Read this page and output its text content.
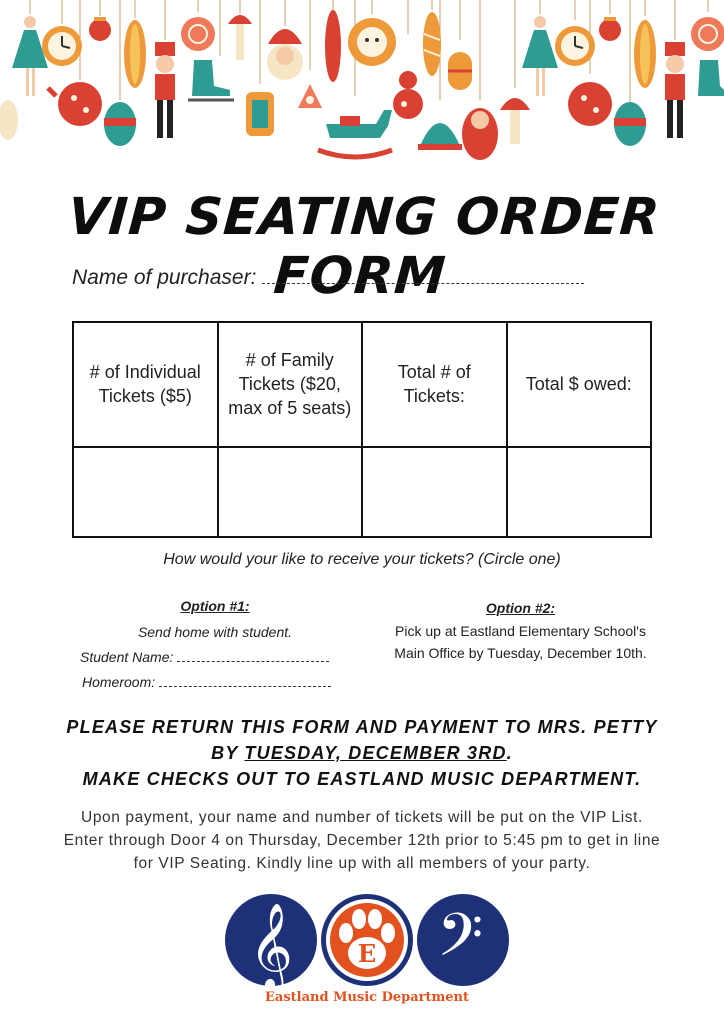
VIP SEATING ORDER FORM
Name of purchaser:
# of Individual Tickets ($5)	# of Family Tickets ($20, max of 5 seats)	Total # of Tickets:	Total $ owed:

How would your like to receive your tickets? (Circle one)
Option #1:
Send home with student.
Student Name:
Homeroom:
Option #2:
Pick up at Eastland Elementary School's
Main Office by Tuesday, December 10th.
PLEASE RETURN THIS FORM AND PAYMENT TO MRS. PETTY
BY TUESDAY, DECEMBER 3RD.
MAKE CHECKS OUT TO EASTLAND MUSIC DEPARTMENT.
Upon payment, your name and number of tickets will be put on the VIP List.
Enter through Door 4 on Thursday, December 12th prior to 5:45 pm to get in line
for VIP Seating. Kindly line up with all members of your party.
𝄞	E 𝄢
Eastland Music Department
